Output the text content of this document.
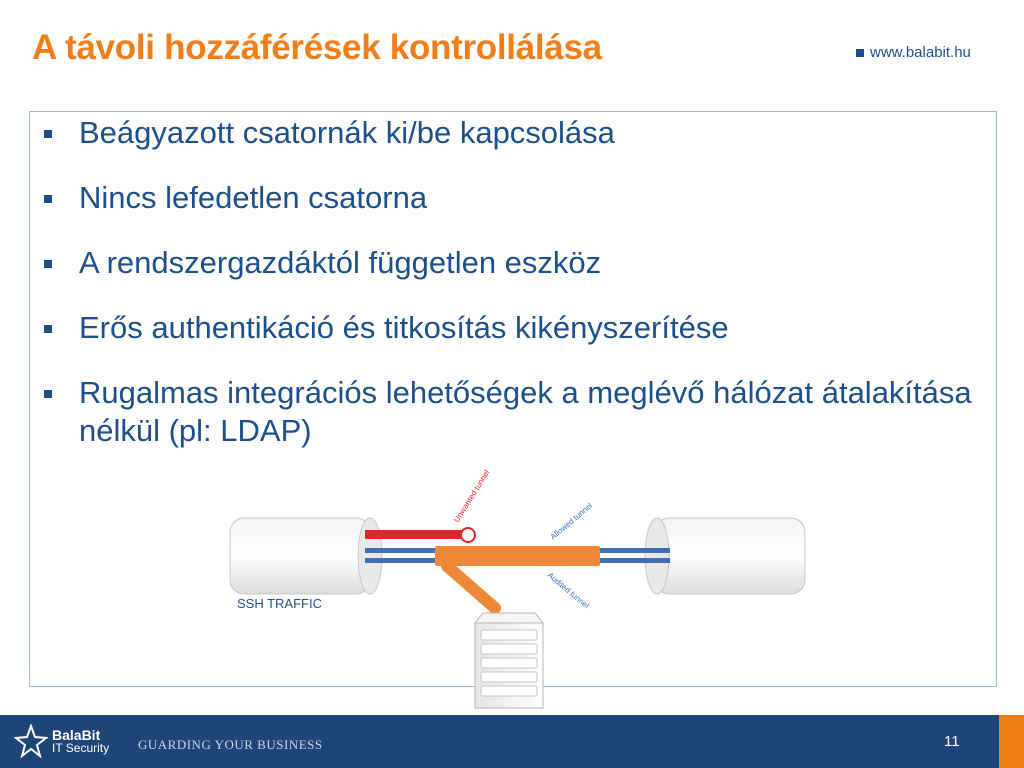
A távoli hozzáférések kontrollálása	www.balabit.hu
Beágyazott csatornák ki/be kapcsolása
Nincs lefedetlen csatorna
A rendszergazdáktól független eszköz
Erős authentikáció és titkosítás kikényszerítése
Rugalmas integrációs lehetőségek a meglévő hálózat átalakítása nélkül (pl: LDAP)
Unwanted tunnel	Allowed tunnel
Audited tunnel
SSH TRAFFIC
BalaBit
IT Security GUARDING YOUR BUSINESS	11
